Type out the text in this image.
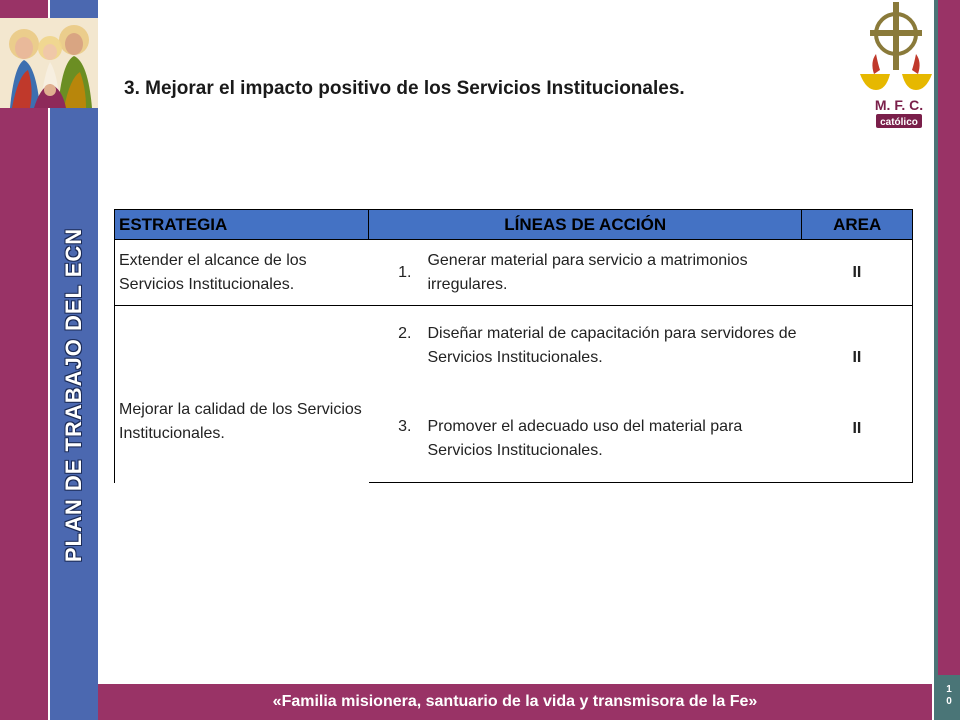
PLAN DE TRABAJO DEL ECN
M. F. C.
católico
3. Mejorar el impacto positivo de los Servicios Institucionales.
ESTRATEGIA	LÍNEAS DE ACCIÓN		AREA
Extender el alcance de los Servicios Institucionales.	1.	Generar material para servicio a matrimonios irregulares.	II

Mejorar la calidad de los Servicios Institucionales.	2.	Diseñar material de capacitación para servidores de Servicios Institucionales.	II

	3.	Promover el adecuado uso del material para Servicios Institucionales.	II
«Familia misionera, santuario de la vida y transmisora de la Fe»
1
0
